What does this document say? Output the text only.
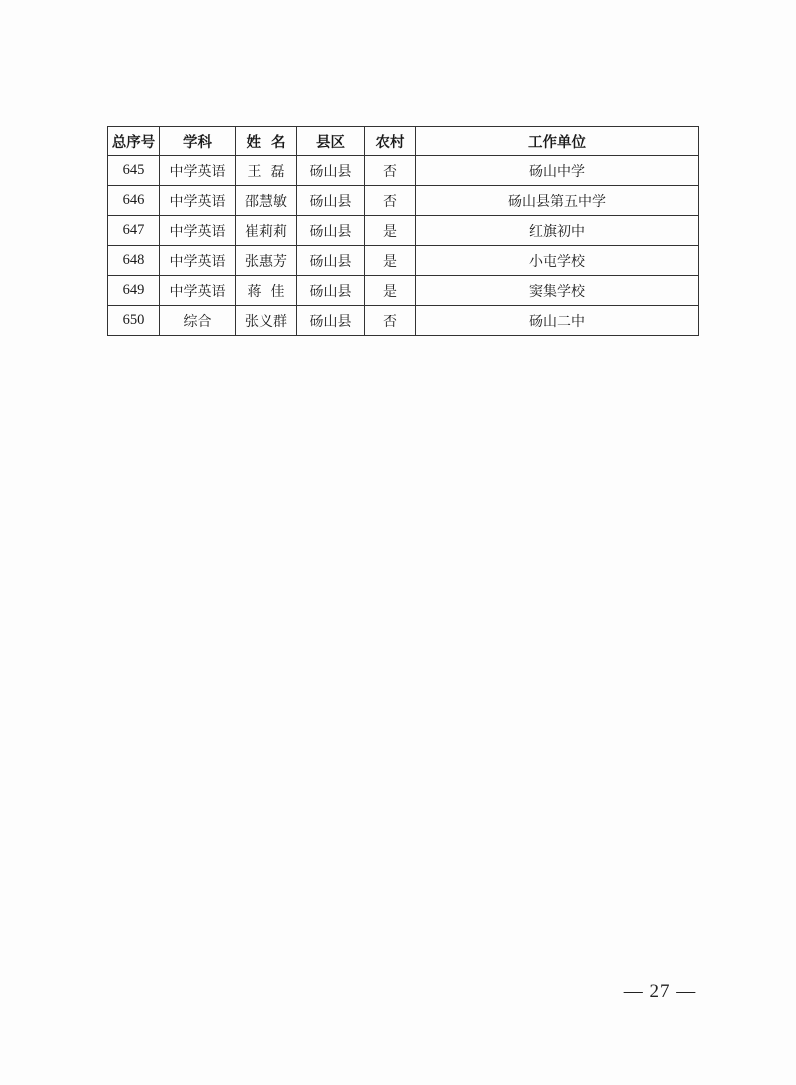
总序号	学科	姓  名	县区	农村	工作单位
645	中学英语	王  磊	砀山县	否	砀山中学
646	中学英语	邵慧敏	砀山县	否	砀山县第五中学
647	中学英语	崔莉莉	砀山县	是	红旗初中
648	中学英语	张惠芳	砀山县	是	小屯学校
649	中学英语	蒋  佳	砀山县	是	窦集学校
650	综合	张义群	砀山县	否	砀山二中
— 27 —
